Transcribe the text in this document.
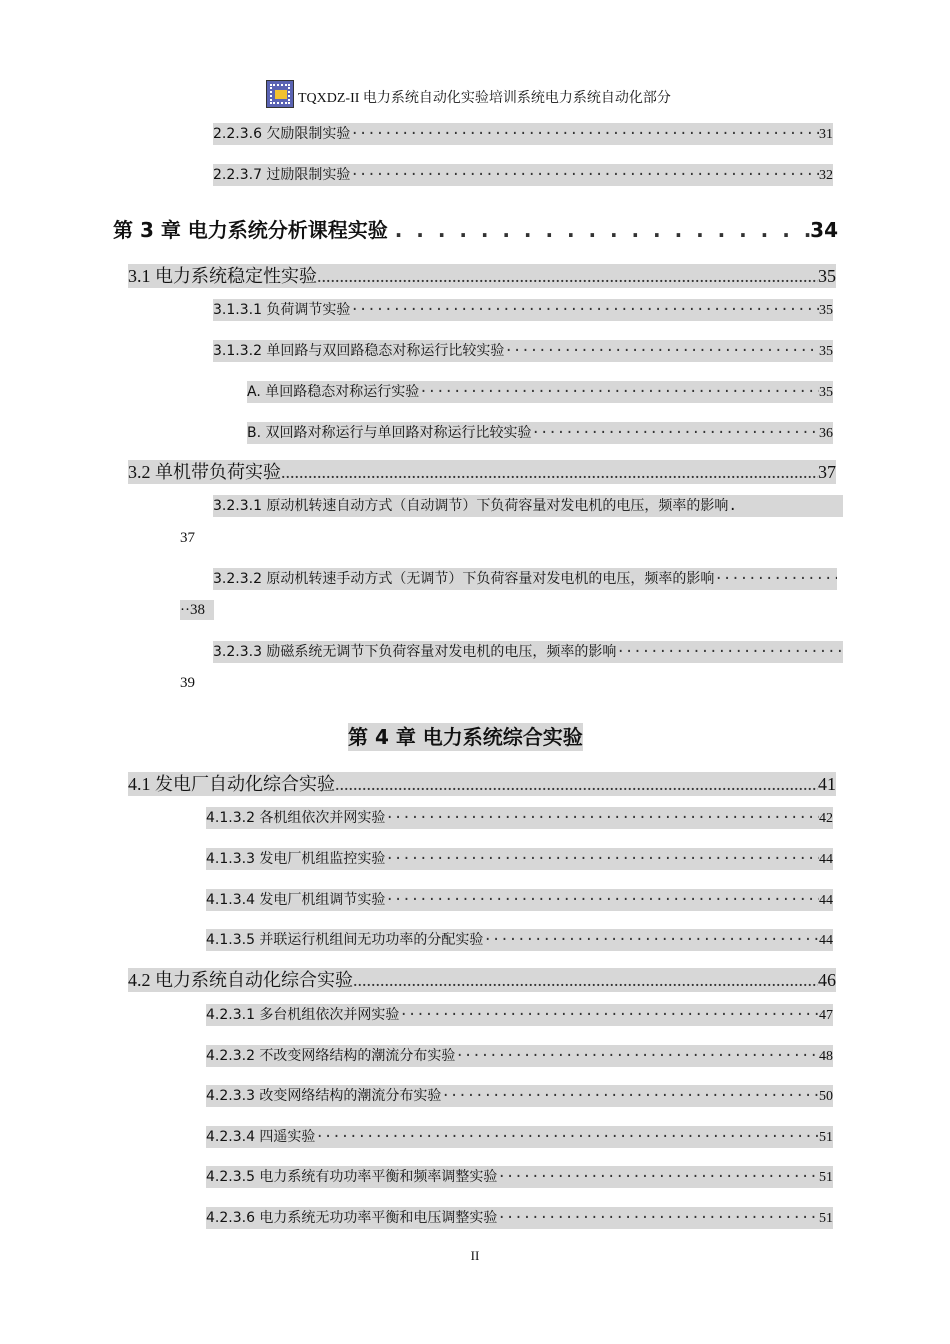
TQXDZ-II 电力系统自动化实验培训系统电力系统自动化部分
2.2.3.6 欠励限制实验 ·····	31
2.2.3.7 过励限制实验 ·····	32
第 3 章 电力系统分析课程实验 . .	34
3.1 电力系统稳定性实验 .....	35
3.1.3.1 负荷调节实验 ·····	35
3.1.3.2 单回路与双回路稳态对称运行比较实验 ·····	35
A. 单回路稳态对称运行实验 ·····	35
B. 双回路对称运行与单回路对称运行比较实验 ·····	36
3.2 单机带负荷实验 .....	37
3.2.3.1 原动机转速自动方式（自动调节）下负荷容量对发电机的电压，频率的影响 .
37
3.2.3.2 原动机转速手动方式（无调节）下负荷容量对发电机的电压，频率的影响
·····
·· 38
3.2.3.3 励磁系统无调节下负荷容量对发电机的电压，频率的影响
·····
39
第 4 章 电力系统综合实验
4.1 发电厂自动化综合实验 .....	41
4.1.3.2 各机组依次并网实验 ·····	42
4.1.3.3 发电厂机组监控实验 ·····	44
4.1.3.4 发电厂机组调节实验 ·····	44
4.1.3.5 并联运行机组间无功功率的分配实验 ·····	44
4.2 电力系统自动化综合实验 .....	46
4.2.3.1 多台机组依次并网实验 ·····	47
4.2.3.2 不改变网络结构的潮流分布实验 ·····	48
4.2.3.3 改变网络结构的潮流分布实验 ·····	50
4.2.3.4 四遥实验 ·····	51
4.2.3.5 电力系统有功功率平衡和频率调整实验 ·····	51
4.2.3.6 电力系统无功功率平衡和电压调整实验 ·····	51
II
